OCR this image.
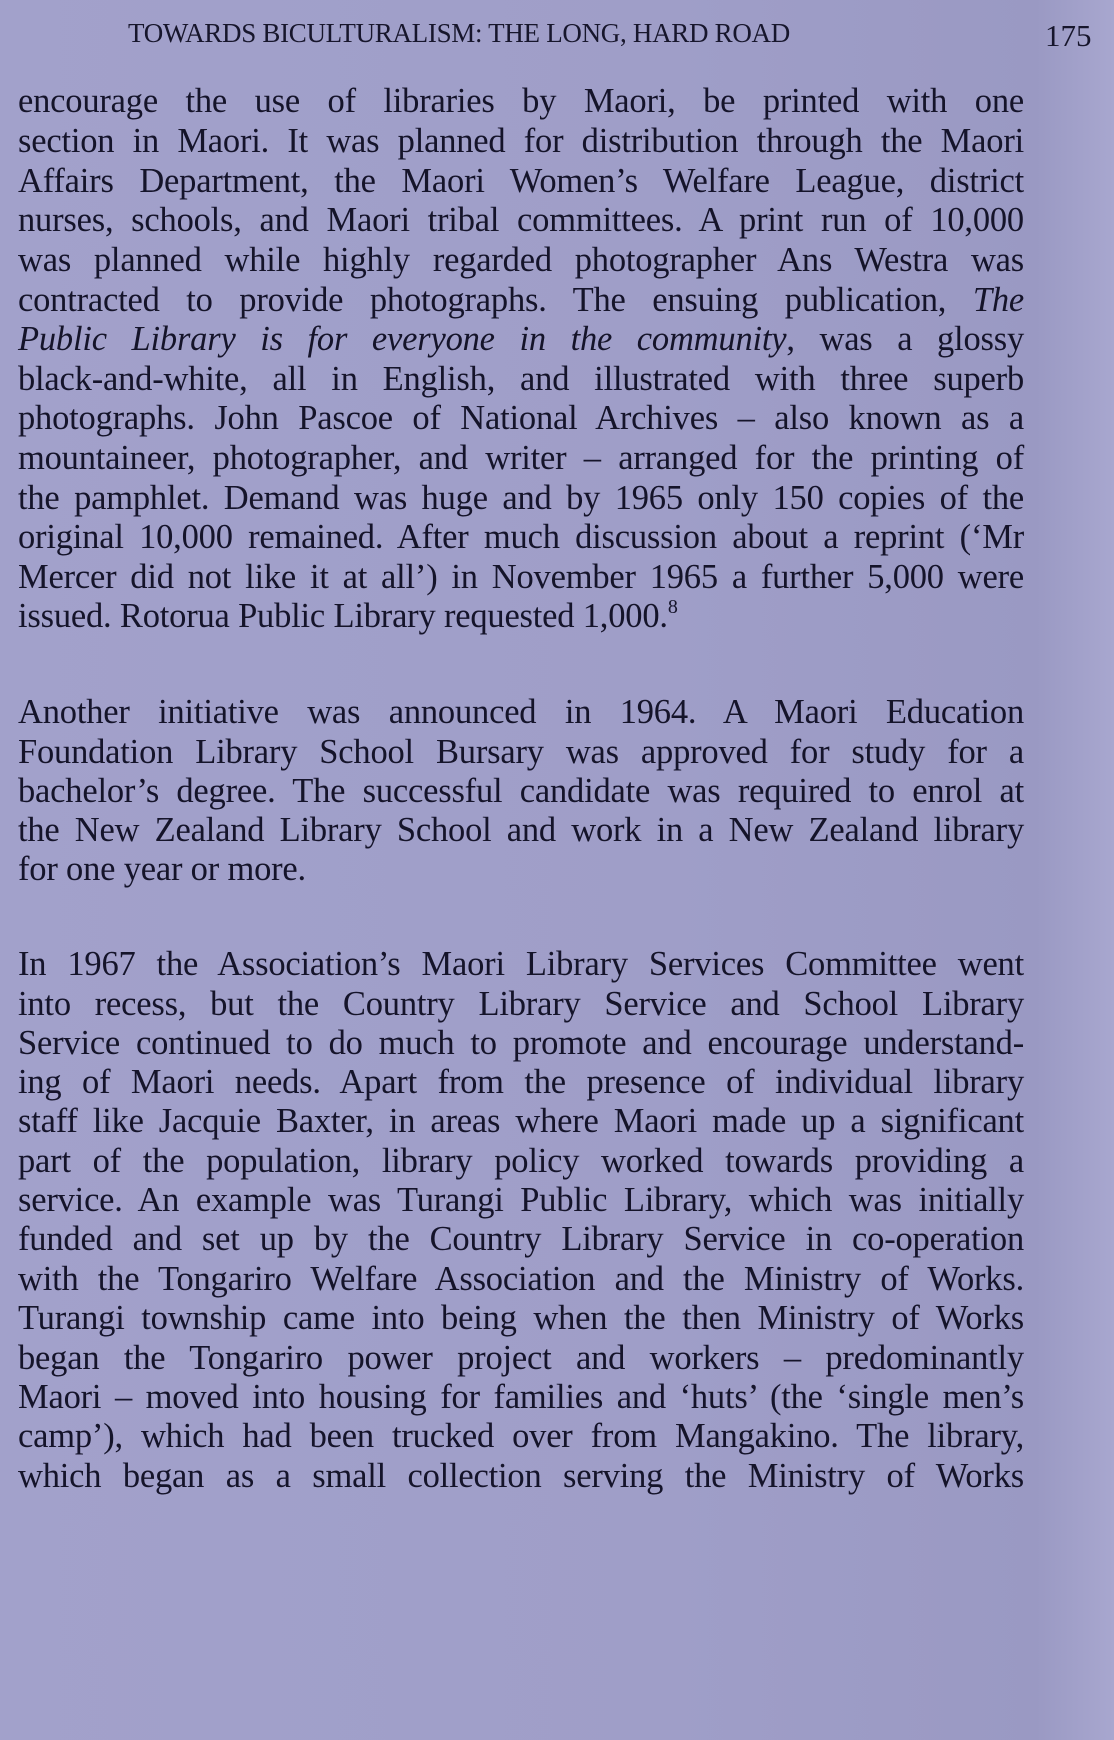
TOWARDS BICULTURALISM: THE LONG, HARD ROAD	175
encourage the use of libraries by Maori, be printed with one
section in Maori. It was planned for distribution through the Maori
Affairs Department, the Maori Women’s Welfare League, district
nurses, schools, and Maori tribal committees. A print run of 10,000
was planned while highly regarded photographer Ans Westra was
contracted to provide photographs. The ensuing publication, The
Public Library is for everyone in the community, was a glossy
black-and-white, all in English, and illustrated with three superb
photographs. John Pascoe of National Archives – also known as a
mountaineer, photographer, and writer – arranged for the printing of
the pamphlet. Demand was huge and by 1965 only 150 copies of the
original 10,000 remained. After much discussion about a reprint (‘Mr
Mercer did not like it at all’) in November 1965 a further 5,000 were
issued. Rotorua Public Library requested 1,000.$^8$
Another initiative was announced in 1964. A Maori Education
Foundation Library School Bursary was approved for study for a
bachelor’s degree. The successful candidate was required to enrol at
the New Zealand Library School and work in a New Zealand library
for one year or more.
In 1967 the Association’s Maori Library Services Committee went
into recess, but the Country Library Service and School Library
Service continued to do much to promote and encourage understand-
ing of Maori needs. Apart from the presence of individual library
staff like Jacquie Baxter, in areas where Maori made up a significant
part of the population, library policy worked towards providing a
service. An example was Turangi Public Library, which was initially
funded and set up by the Country Library Service in co-operation
with the Tongariro Welfare Association and the Ministry of Works.
Turangi township came into being when the then Ministry of Works
began the Tongariro power project and workers – predominantly
Maori – moved into housing for families and ‘huts’ (the ‘single men’s
camp’), which had been trucked over from Mangakino. The library,
which began as a small collection serving the Ministry of Works
